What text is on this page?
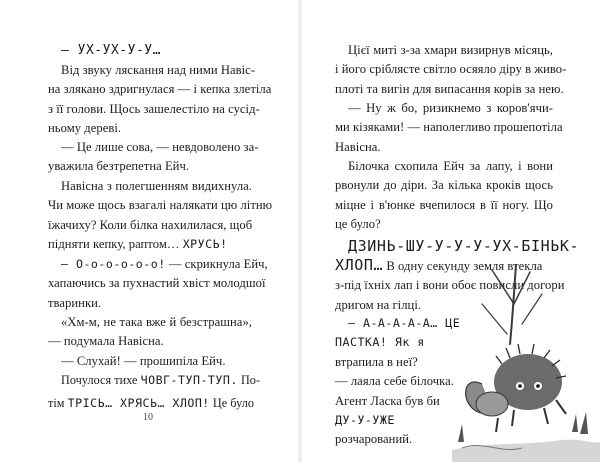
— УХ-УХ-У-У…

Від звуку ляскання над ними Навіс-
на злякано здригнулася — і кепка злетіла
з її голови. Щось зашелестіло на сусід-
ньому дереві.

— Це лише сова, — невдоволено за-
уважила безтрепетна Ейч.

Навісна з полегшенням видихнула.
Чи може щось взагалі налякати цю літню
їжачиху? Коли білка нахилилася, щоб
підняти кепку, раптом… ХРУСЬ!

— О-о-о-о-о-о! — скрикнула Ейч,
хапаючись за пухнастий хвіст молодшої
тваринки.

«Хм-м, не така вже й безстрашна»,
— подумала Навісна.

— Слухай! — прошипіла Ейч.

Почулося тихе ЧОВГ-ТУП-ТУП. По-

тім ТРІСЬ… ХРЯСЬ… ХЛОП! Це було

10

Цієї миті з-за хмари визирнув місяць,
і його сріблясте світло осяяло діру в живо-
плоті та вигін для випасання корів за нею.

— Ну ж бо, ризикнемо з коров'ячи-
ми кізяками! — наполегливо прошепотіла
Навісна.

Білочка схопила Ейч за лапу, і вони
рвонули до діри. За кілька кроків щось
міцне і в'юнке вчепилося в її ногу. Що
це було?

ДЗИНЬ-ШУ-У-У-У-УХ-БІНЬК-

ХЛОП… В одну секунду земля втекла
з-під їхніх лап і вони обоє повисли догори
дригом на гілці.

— А-А-А-А-А… ЦЕ
ПАСТКА! Як я
втрапила в неї?
— лаяла себе білочка.
Агент Ласка був би
ДУ-У-УЖЕ
розчарований.
